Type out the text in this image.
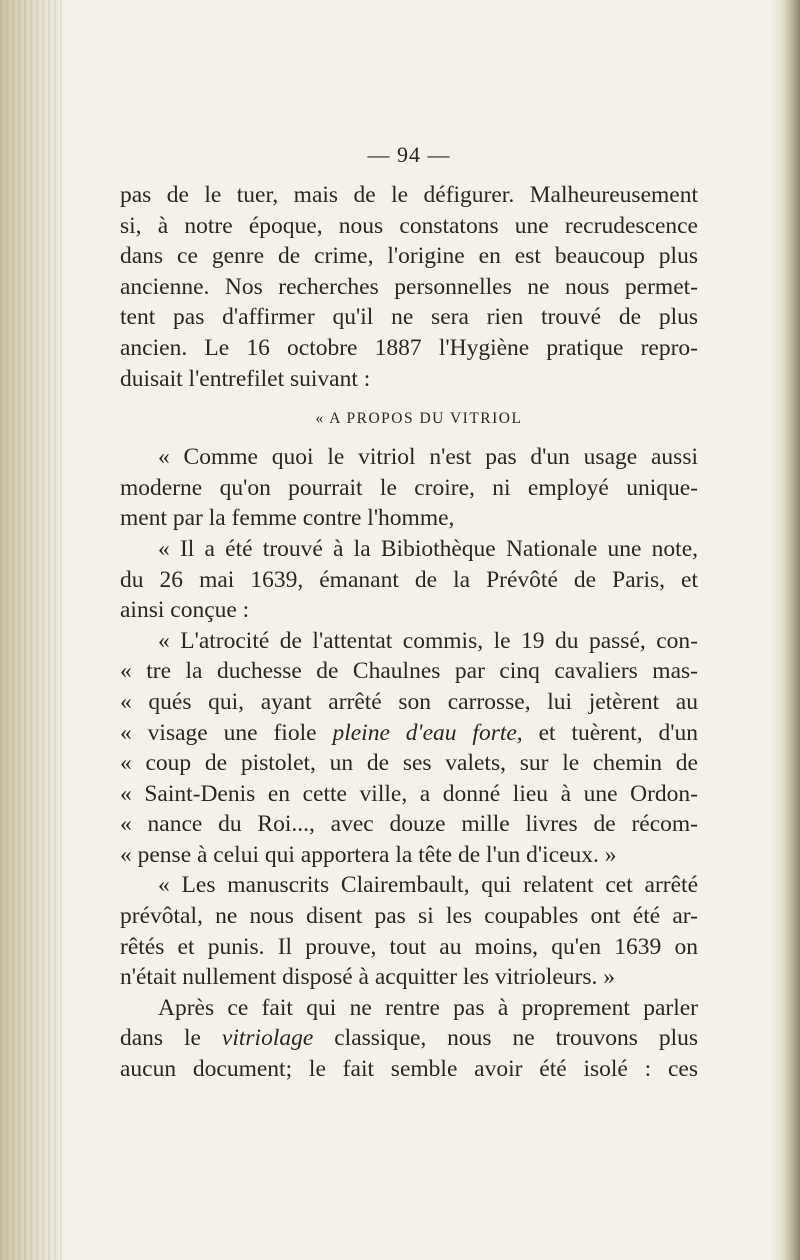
— 94 —
pas de le tuer, mais de le défigurer. Malheureusement
si, à notre époque, nous constatons une recrudescence
dans ce genre de crime, l'origine en est beaucoup plus
ancienne. Nos recherches personnelles ne nous permet-
tent pas d'affirmer qu'il ne sera rien trouvé de plus
ancien. Le 16 octobre 1887 l'Hygiène pratique repro-
duisait l'entrefilet suivant :
« A PROPOS DU VITRIOL
« Comme quoi le vitriol n'est pas d'un usage aussi
moderne qu'on pourrait le croire, ni employé unique-
ment par la femme contre l'homme,
« Il a été trouvé à la Bibiothèque Nationale une note,
du 26 mai 1639, émanant de la Prévôté de Paris, et
ainsi conçue :
« L'atrocité de l'attentat commis, le 19 du passé, con-
« tre la duchesse de Chaulnes par cinq cavaliers mas-
« qués qui, ayant arrêté son carrosse, lui jetèrent au
« visage une fiole pleine d'eau forte, et tuèrent, d'un
« coup de pistolet, un de ses valets, sur le chemin de
« Saint-Denis en cette ville, a donné lieu à une Ordon-
« nance du Roi..., avec douze mille livres de récom-
« pense à celui qui apportera la tête de l'un d'iceux. »
« Les manuscrits Clairembault, qui relatent cet arrêté
prévôtal, ne nous disent pas si les coupables ont été ar-
rêtés et punis. Il prouve, tout au moins, qu'en 1639 on
n'était nullement disposé à acquitter les vitrioleurs. »
Après ce fait qui ne rentre pas à proprement parler
dans le vitriolage classique, nous ne trouvons plus
aucun document; le fait semble avoir été isolé : ces
